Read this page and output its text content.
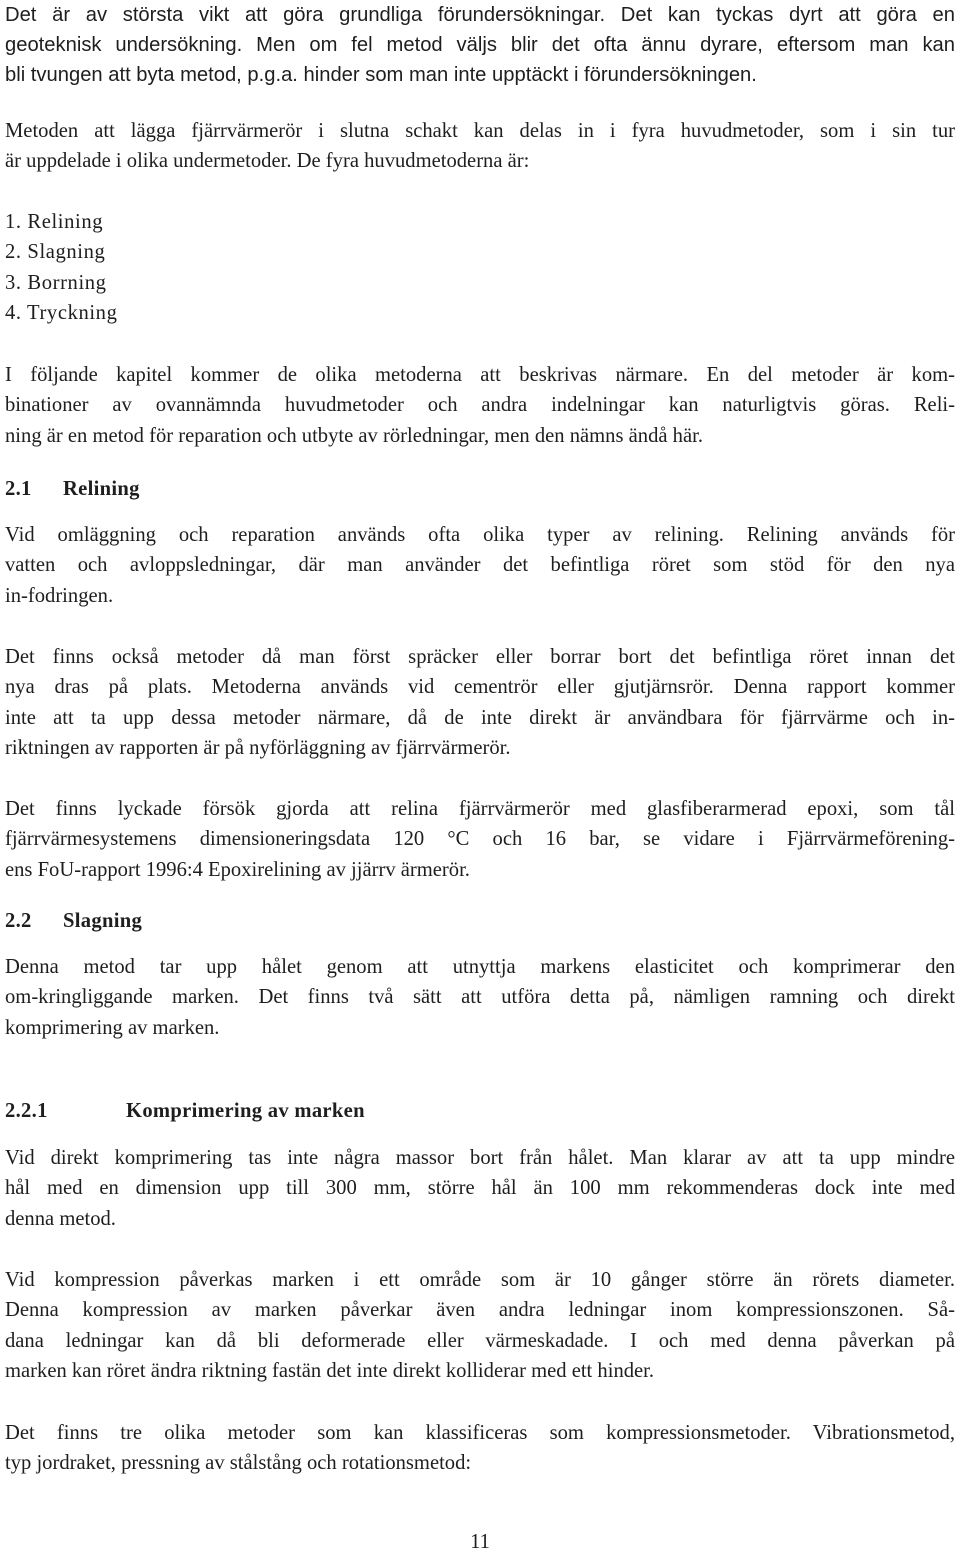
Det är av största vikt att göra grundliga förundersökningar. Det kan tyckas dyrt att göra en
geoteknisk undersökning. Men om fel metod väljs blir det ofta ännu dyrare, eftersom man kan
bli tvungen att byta metod, p.g.a. hinder som man inte upptäckt i förundersökningen.
Metoden att lägga fjärrvärmerör i slutna schakt kan delas in i fyra huvudmetoder, som i sin tur
är uppdelade i olika undermetoder. De fyra huvudmetoderna är:
1. Relining
2. Slagning
3. Borrning
4. Tryckning
I följande kapitel kommer de olika metoderna att beskrivas närmare. En del metoder är kom-
binationer av ovannämnda huvudmetoder och andra indelningar kan naturligtvis göras. Reli-
ning är en metod för reparation och utbyte av rörledningar, men den nämns ändå här.
2.1 Relining
Vid omläggning och reparation används ofta olika typer av relining. Relining används för
vatten och avloppsledningar, där man använder det befintliga röret som stöd för den nya
in-fodringen.
Det finns också metoder då man först spräcker eller borrar bort det befintliga röret innan det
nya dras på plats. Metoderna används vid cementrör eller gjutjärnsrör. Denna rapport kommer
inte att ta upp dessa metoder närmare, då de inte direkt är användbara för fjärrvärme och in-
riktningen av rapporten är på nyförläggning av fjärrvärmerör.
Det finns lyckade försök gjorda att relina fjärrvärmerör med glasfiberarmerad epoxi, som tål
fjärrvärmesystemens dimensioneringsdata 120 °C och 16 bar, se vidare i Fjärrvärmeförening-
ens FoU-rapport 1996:4 Epoxirelining av jjärrv ärmerör.
2.2 Slagning
Denna metod tar upp hålet genom att utnyttja markens elasticitet och komprimerar den
om-kringliggande marken. Det finns två sätt att utföra detta på, nämligen ramning och direkt
komprimering av marken.
2.2.1	Komprimering av marken
Vid direkt komprimering tas inte några massor bort från hålet. Man klarar av att ta upp mindre
hål med en dimension upp till 300 mm, större hål än 100 mm rekommenderas dock inte med
denna metod.
Vid kompression påverkas marken i ett område som är 10 gånger större än rörets diameter.
Denna kompression av marken påverkar även andra ledningar inom kompressionszonen. Så-
dana ledningar kan då bli deformerade eller värmeskadade. I och med denna påverkan på
marken kan röret ändra riktning fastän det inte direkt kolliderar med ett hinder.
Det finns tre olika metoder som kan klassificeras som kompressionsmetoder. Vibrationsmetod,
typ jordraket, pressning av stålstång och rotationsmetod:
11
